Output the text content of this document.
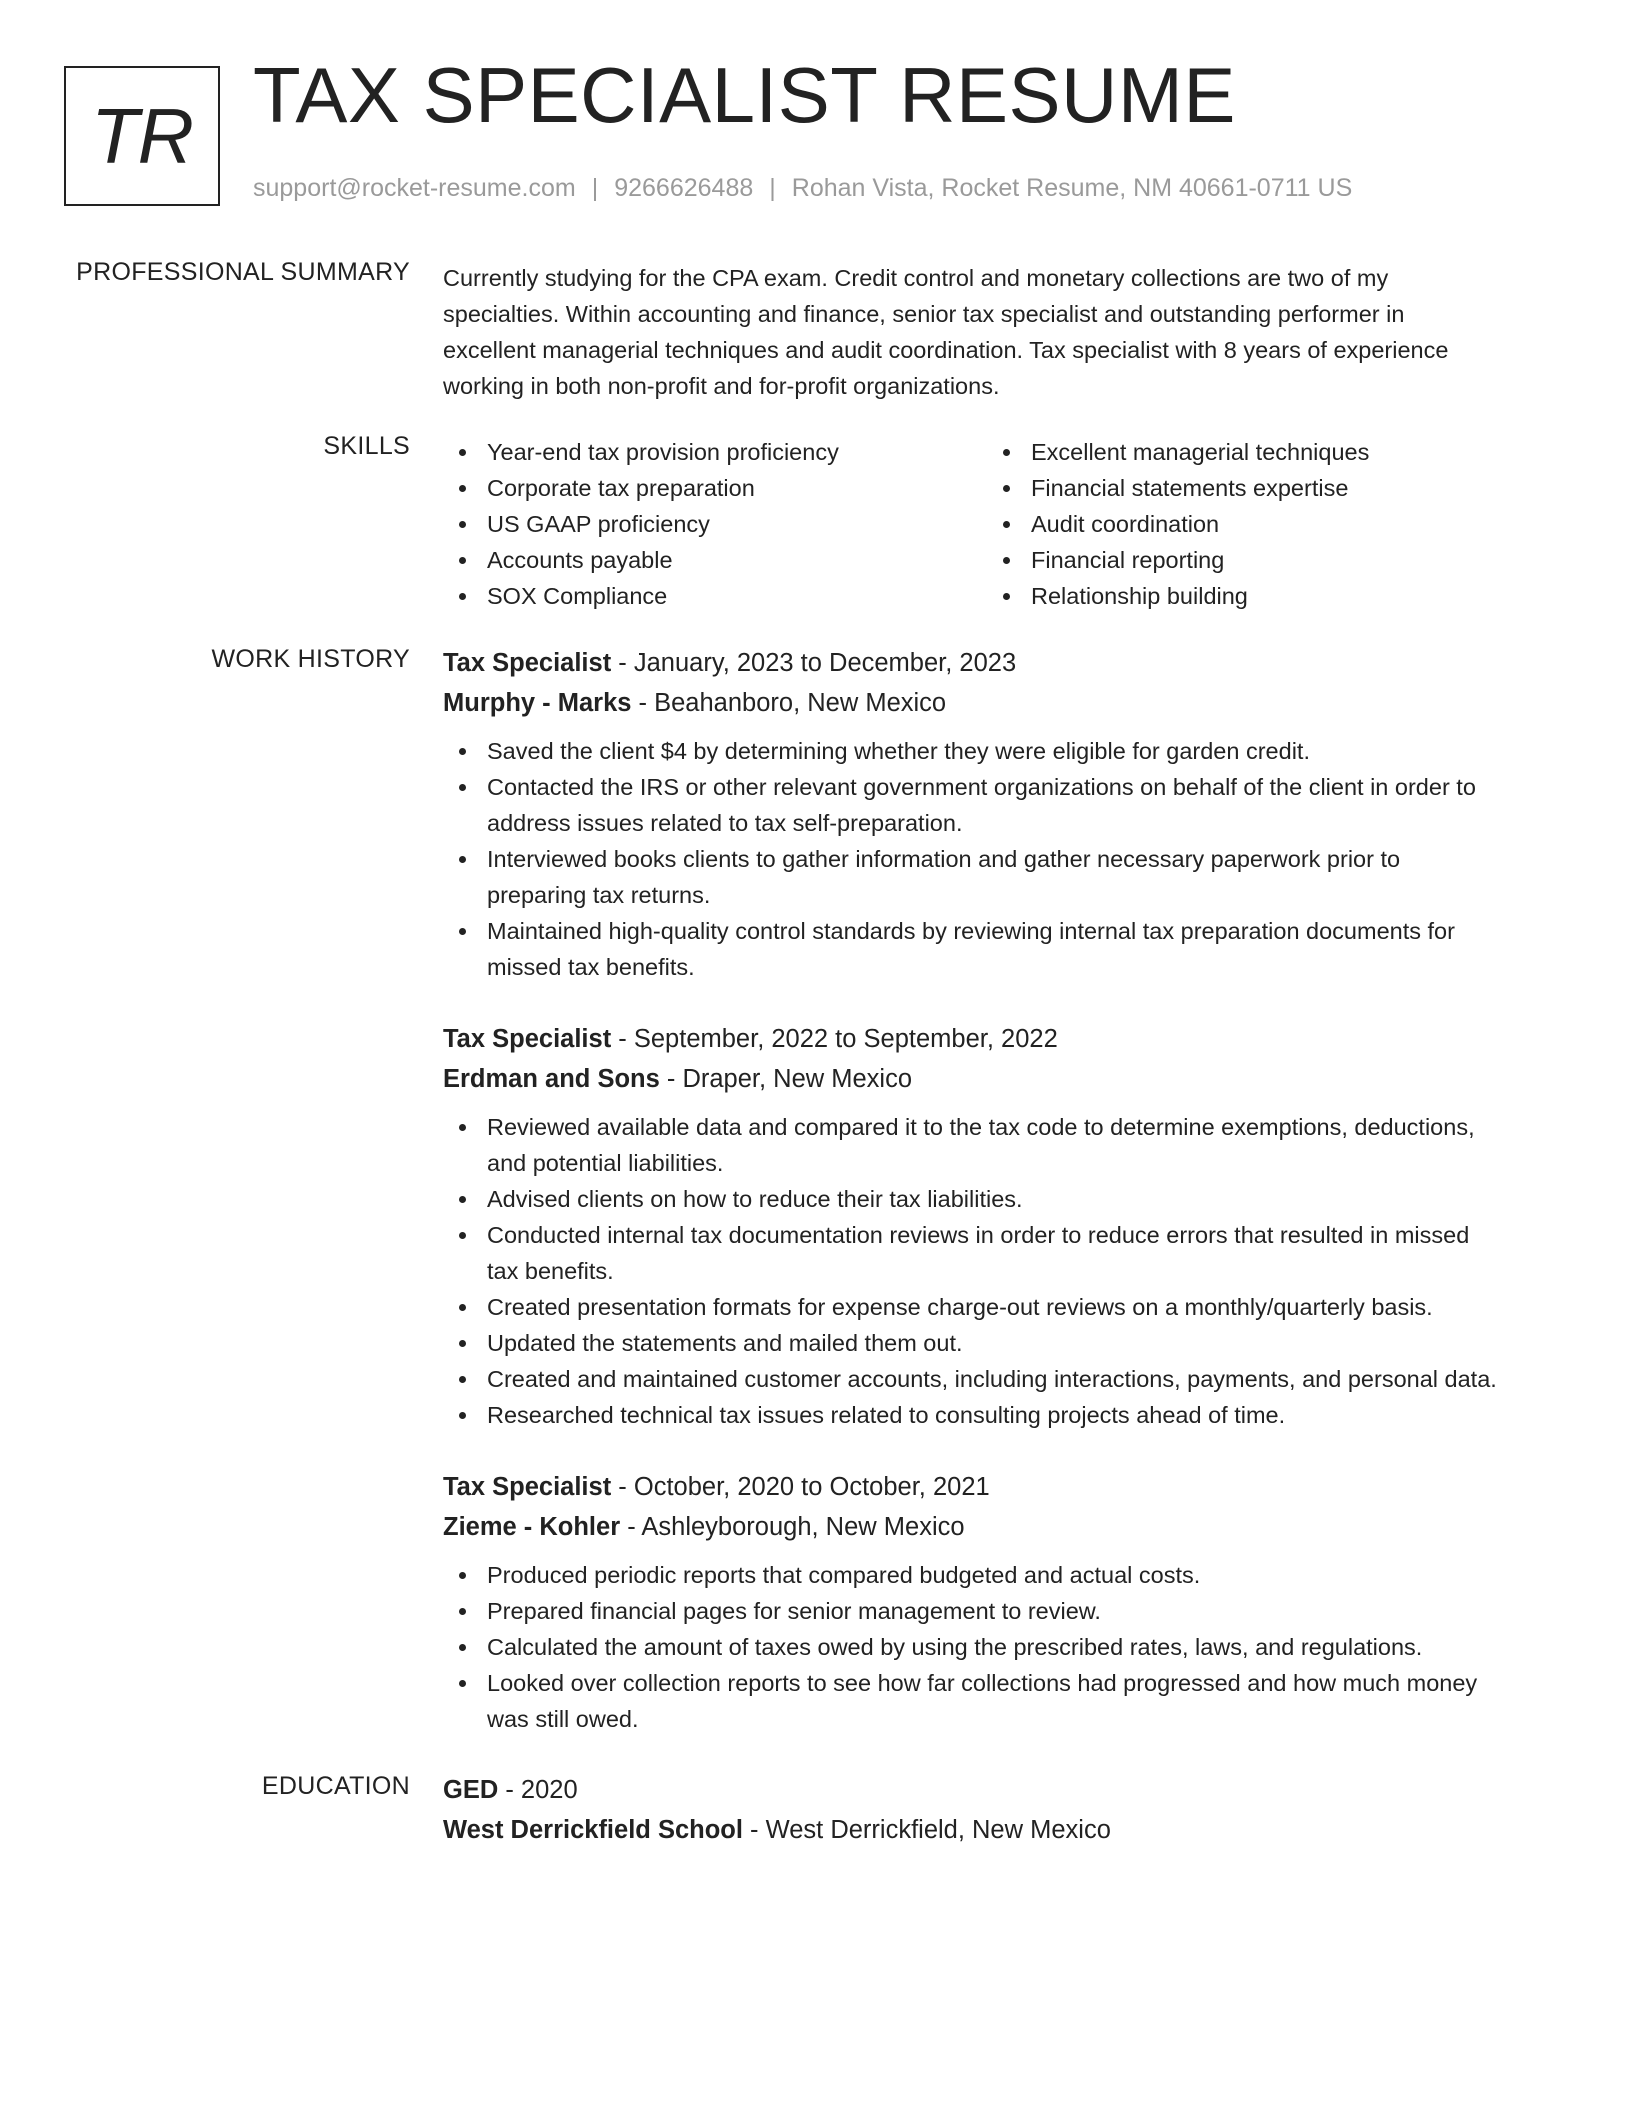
TR TAX SPECIALIST RESUME
support@rocket-resume.com | 9266626488 | Rohan Vista, Rocket Resume, NM 40661-0711 US
PROFESSIONAL SUMMARY Currently studying for the CPA exam. Credit control and monetary collections are two of my
specialties. Within accounting and finance, senior tax specialist and outstanding performer in
excellent managerial techniques and audit coordination. Tax specialist with 8 years of experience
working in both non-profit and for-profit organizations.

SKILLS	Year-end tax provision proficiency
Corporate tax preparation
US GAAP proficiency
Accounts payable
SOX Compliance
Excellent managerial techniques
Financial statements expertise
Audit coordination
Financial reporting
Relationship building
WORK HISTORY Tax Specialist - January, 2023 to December, 2023
Murphy - Marks - Beahanboro, New Mexico
Saved the client $4 by determining whether they were eligible for garden credit.
Contacted the IRS or other relevant government organizations on behalf of the client in order to
address issues related to tax self-preparation.
Interviewed books clients to gather information and gather necessary paperwork prior to
preparing tax returns.
Maintained high-quality control standards by reviewing internal tax preparation documents for
missed tax benefits.
Tax Specialist - September, 2022 to September, 2022
Erdman and Sons - Draper, New Mexico
Reviewed available data and compared it to the tax code to determine exemptions, deductions,
and potential liabilities.
Advised clients on how to reduce their tax liabilities.
Conducted internal tax documentation reviews in order to reduce errors that resulted in missed
tax benefits.
Created presentation formats for expense charge-out reviews on a monthly/quarterly basis.
Updated the statements and mailed them out.
Created and maintained customer accounts, including interactions, payments, and personal data.
Researched technical tax issues related to consulting projects ahead of time.
Tax Specialist - October, 2020 to October, 2021
Zieme - Kohler - Ashleyborough, New Mexico
Produced periodic reports that compared budgeted and actual costs.
Prepared financial pages for senior management to review.
Calculated the amount of taxes owed by using the prescribed rates, laws, and regulations.
Looked over collection reports to see how far collections had progressed and how much money
was still owed.
EDUCATION GED - 2020
West Derrickfield School - West Derrickfield, New Mexico
